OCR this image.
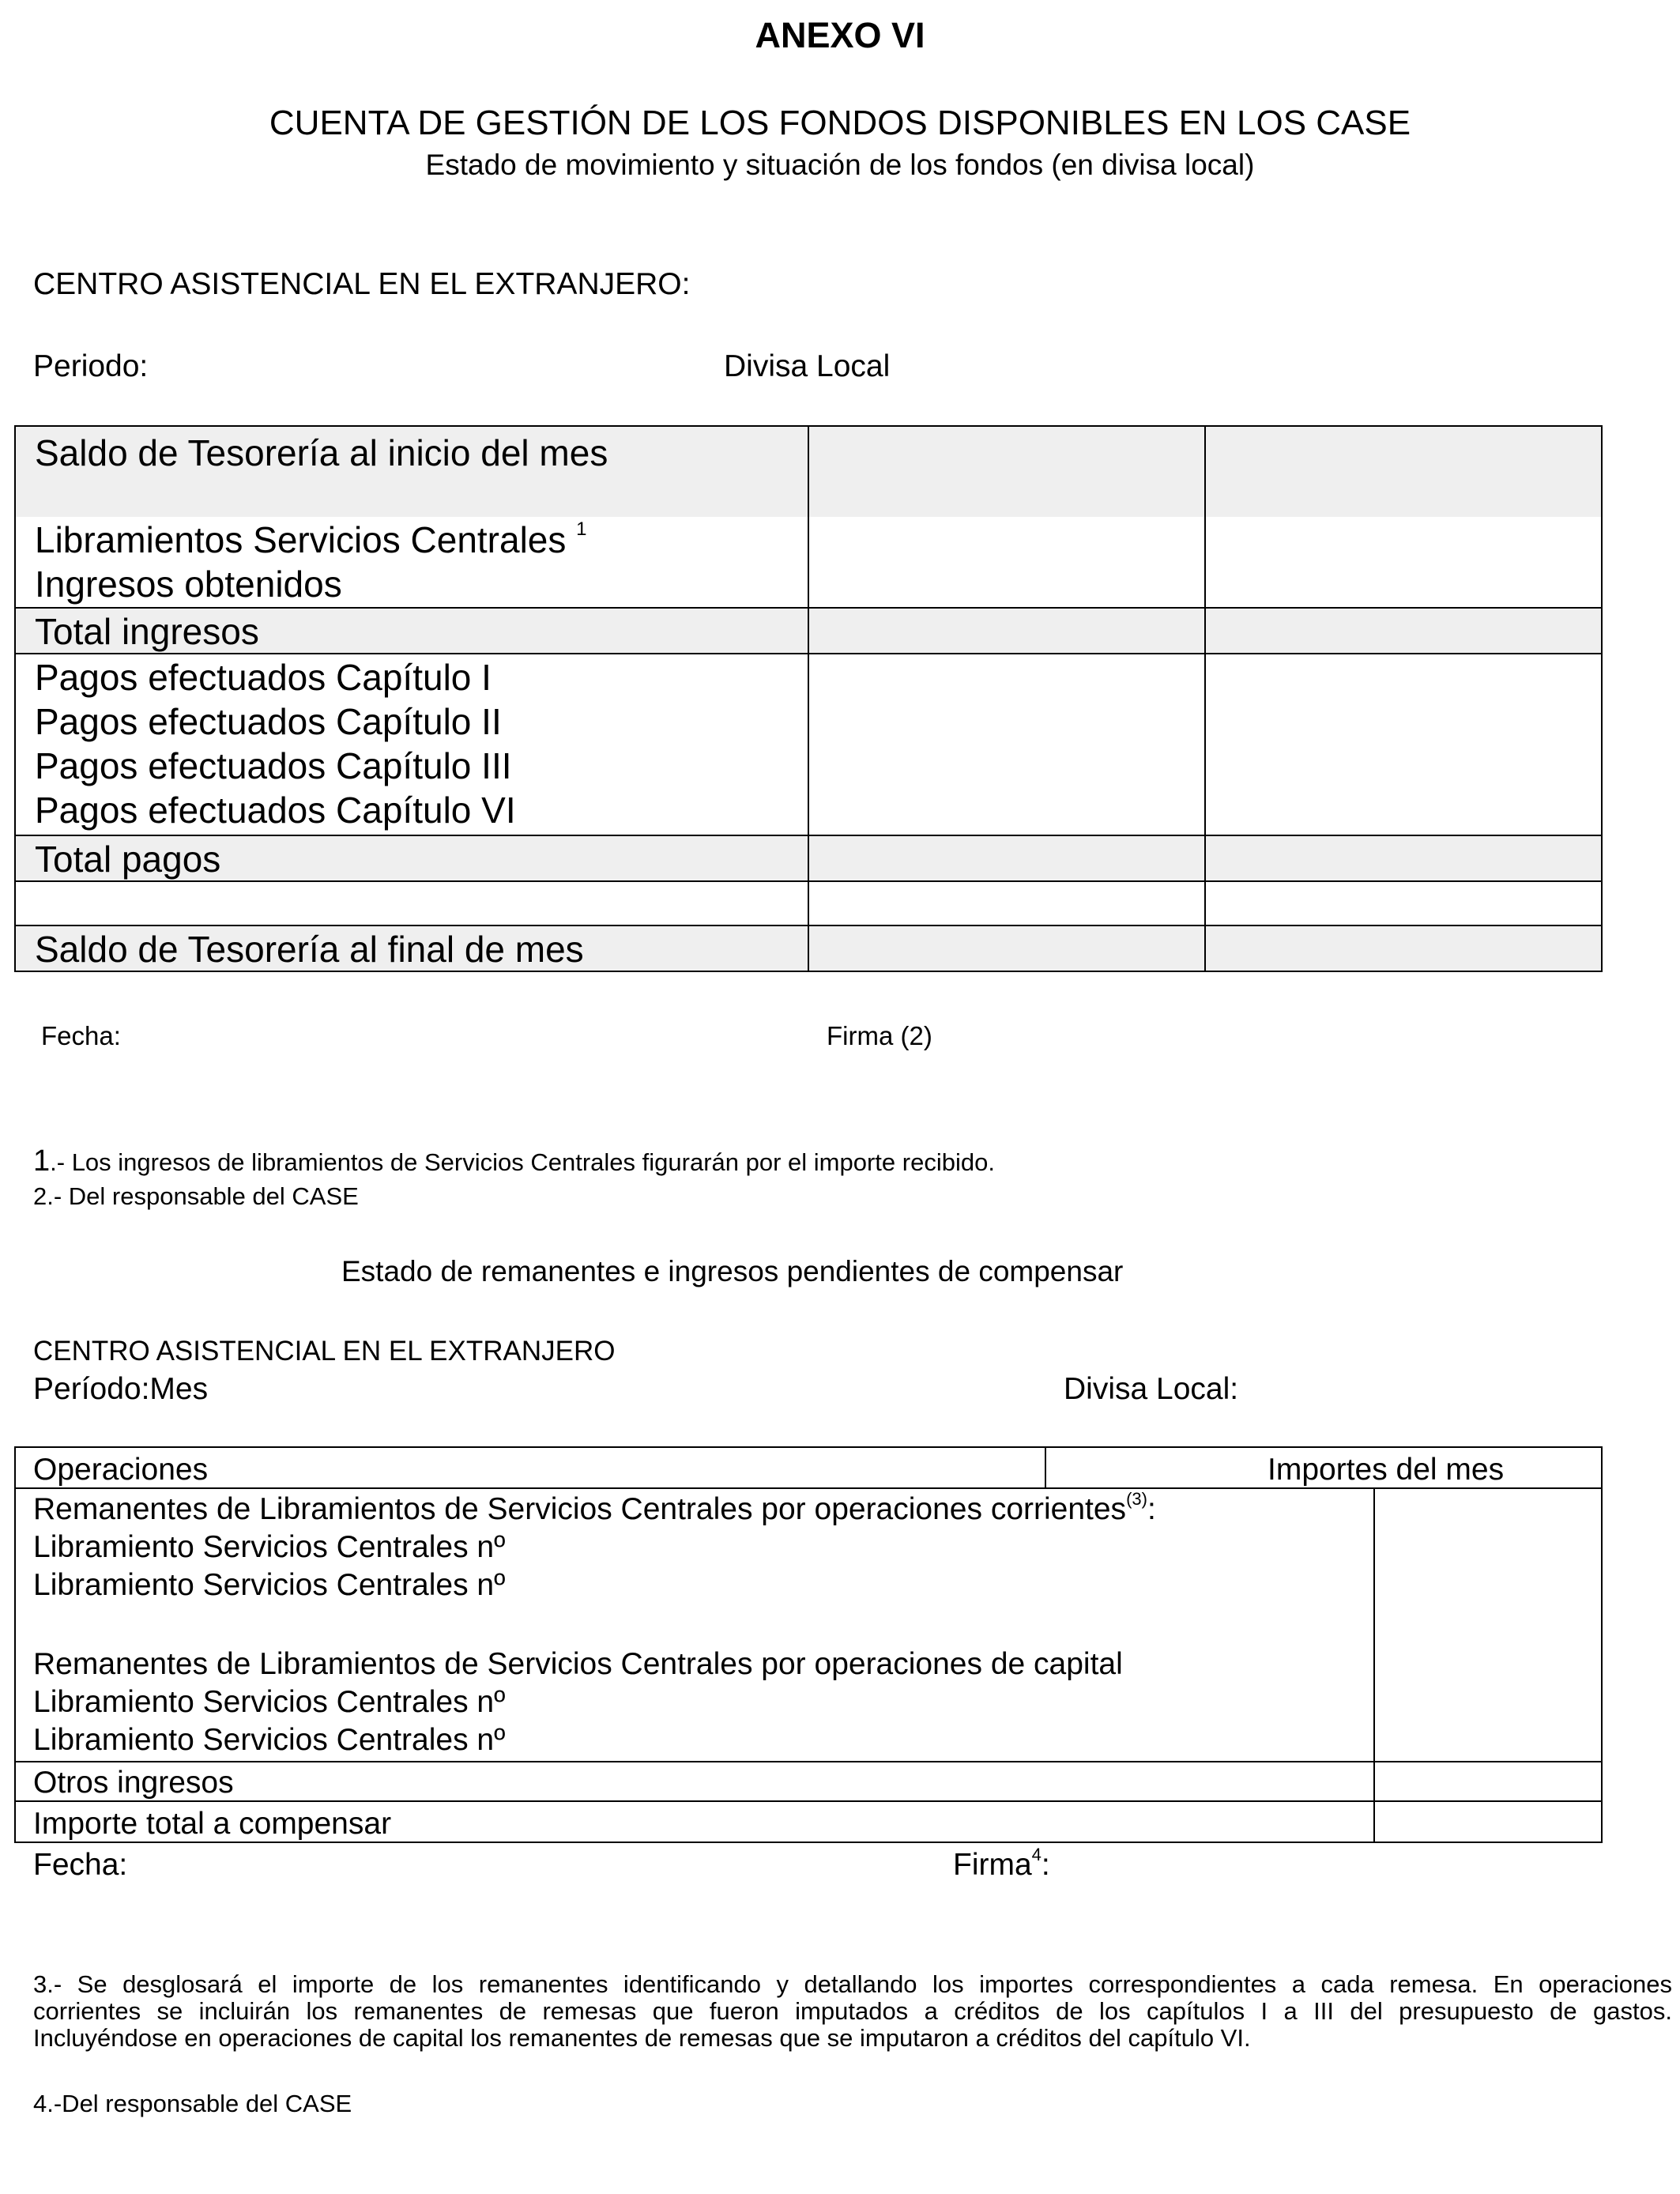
ANEXO VI
CUENTA DE GESTIÓN DE LOS FONDOS DISPONIBLES EN LOS CASE
Estado de movimiento y situación de los fondos (en divisa local)
CENTRO ASISTENCIAL EN EL EXTRANJERO:
Periodo:	Divisa Local
Saldo de Tesorería al inicio del mes
Libramientos Servicios Centrales $^1$
Ingresos obtenidos
Total ingresos
Pagos efectuados Capítulo I
Pagos efectuados Capítulo II
Pagos efectuados Capítulo III
Pagos efectuados Capítulo VI
Total pagos
Saldo de Tesorería al final de mes
Fecha:	Firma (2)
1.- Los ingresos de libramientos de Servicios Centrales figurarán por el importe recibido.
2.- Del responsable del CASE
Estado de remanentes e ingresos pendientes de compensar
CENTRO ASISTENCIAL EN EL EXTRANJERO
Período:Mes	Divisa Local:
Operaciones	Importes del mes
Remanentes de Libramientos de Servicios Centrales por operaciones corrientes$^{(3)}$:
Libramiento Servicios Centrales nº
Libramiento Servicios Centrales nº
Remanentes de Libramientos de Servicios Centrales por operaciones de capital
Libramiento Servicios Centrales nº
Libramiento Servicios Centrales nº
Otros ingresos
Importe total a compensar
Fecha:	Firma$^4$:
3.- Se desglosará el importe de los remanentes identificando y detallando los importes correspondientes a cada remesa. En operaciones
corrientes se incluirán los remanentes de remesas que fueron imputados a créditos de los capítulos I a III del presupuesto de gastos.
Incluyéndose en operaciones de capital los remanentes de remesas que se imputaron a créditos del capítulo VI.
4.-Del responsable del CASE
